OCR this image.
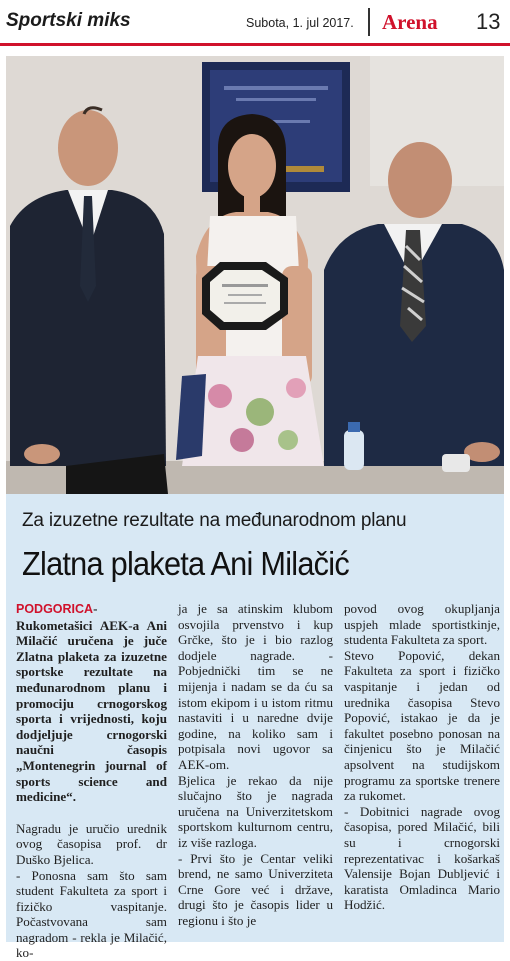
Sportski miks	Subota, 1. jul 2017. Arena 13
Za izuzetne rezultate na međunarodnom planu
Zlatna plaketa Ani Milačić

PODGORICA- Rukometašici AEK-a Ani Milačić uručena je juče Zlatna plaketa za izuzetne sportske rezultate na međunarodnom planu i promociju crnogorskog sporta i vrijednosti, koju dodjeljuje crnogorski naučni časopis „Montenegrin journal of sports science and medicine“.

Nagradu je uručio urednik ovog časopisa prof. dr Duško Bjelica.

- Ponosna sam što sam student Fakulteta za sport i fizičko vaspitanje. Počastvovana sam nagradom - rekla je Milačić, ko-

ja je sa atinskim klubom osvojila prvenstvo i kup Grčke, što je i bio razlog dodjele nagrade. - Pobjednički tim se ne mijenja i nadam se da ću sa istom ekipom i u istom ritmu nastaviti i u naredne dvije godine, na koliko sam i potpisala novi ugovor sa AEK-om.

Bjelica je rekao da nije slučajno što je nagrada uručena na Univerzitetskom sportskom kulturnom centru, iz više razloga.

- Prvi što je Centar veliki brend, ne samo Univerziteta Crne Gore već i države, drugi što je časopis lider u regionu i što je

povod ovog okupljanja uspjeh mlade sportistkinje, studenta Fakulteta za sport.

Stevo Popović, dekan Fakulteta za sport i fizičko vaspitanje i jedan od urednika časopisa Stevo Popović, istakao je da je fakultet posebno ponosan na činjenicu što je Milačić apsolvent na studijskom programu za sportske trenere za rukomet.

- Dobitnici nagrade ovog časopisa, pored Milačić, bili su i crnogorski reprezentativac i košarkaš Valensije Bojan Dubljević i karatista Omladinca Mario Hodžić.
